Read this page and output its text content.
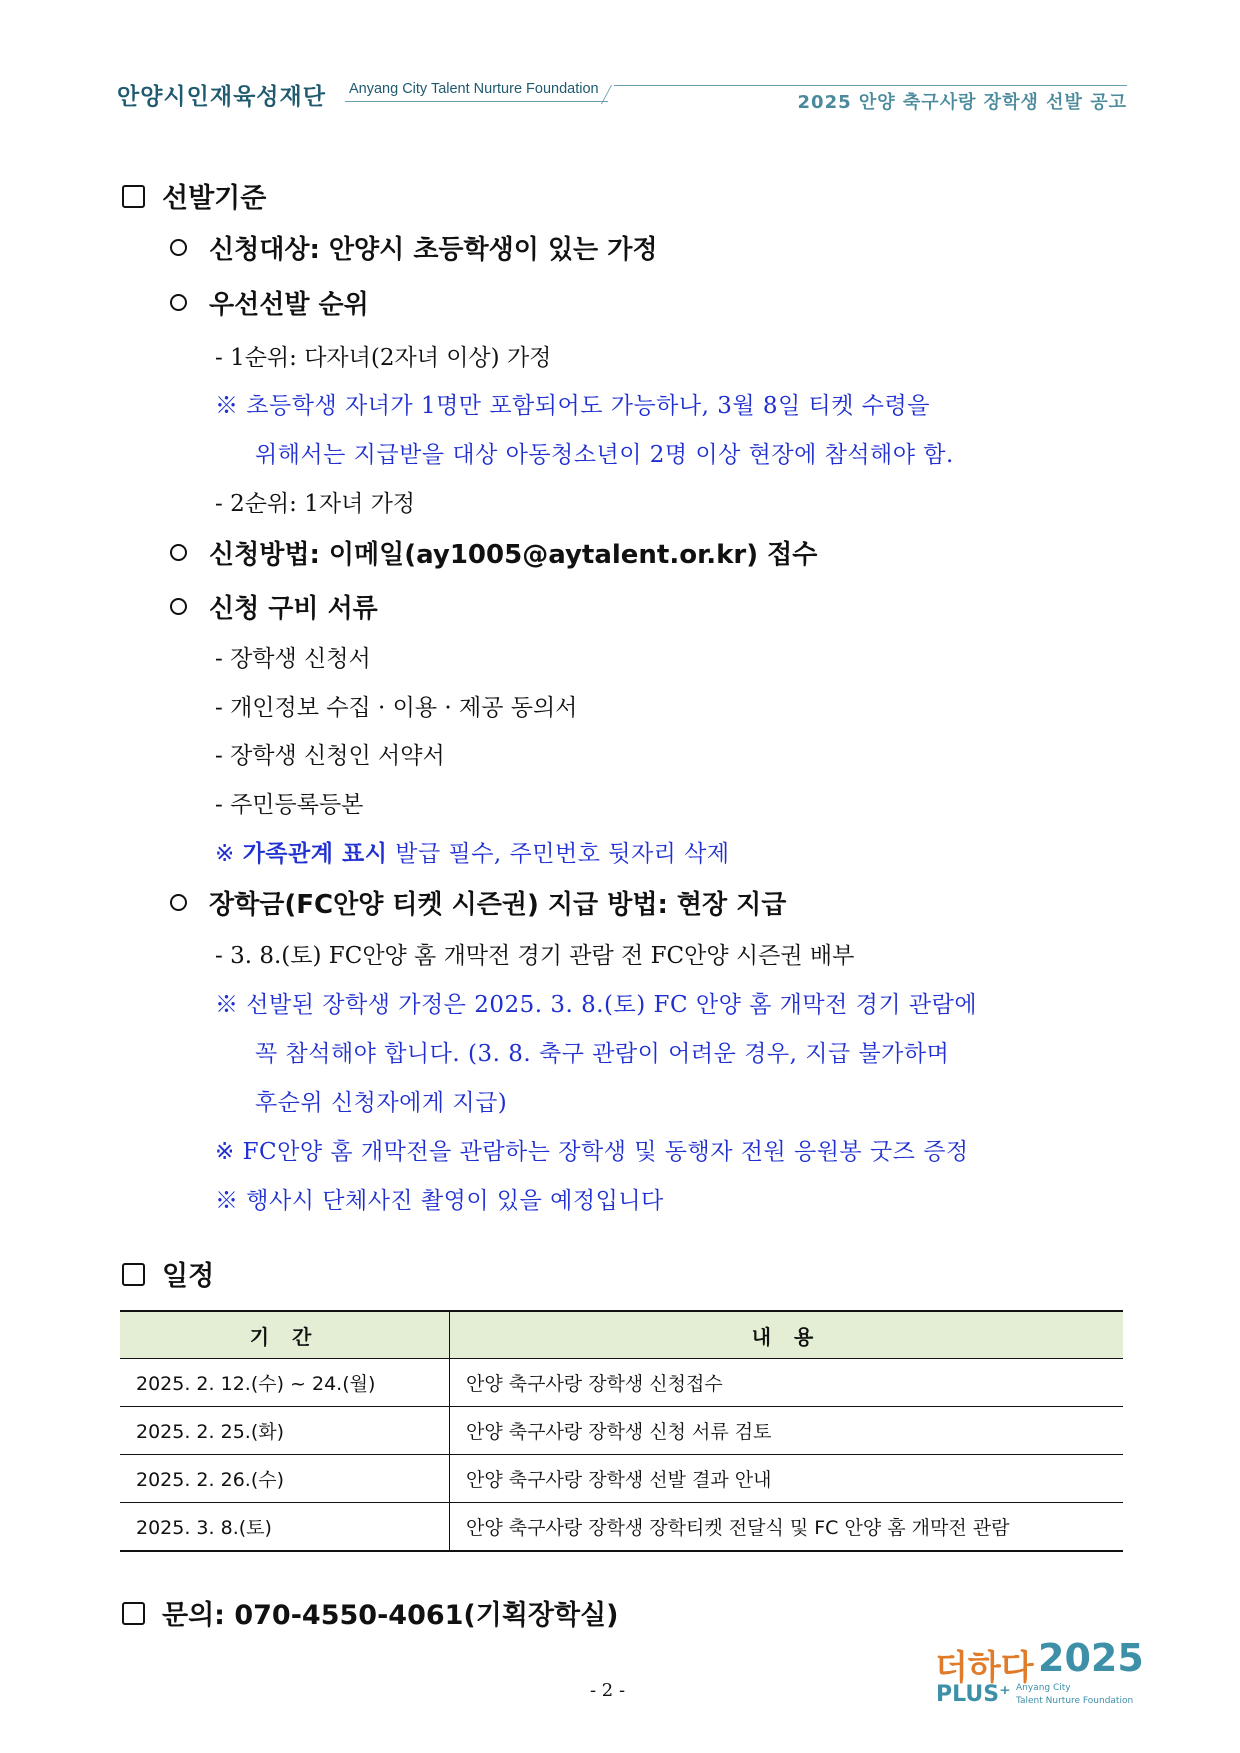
안양시인재육성재단 Anyang City Talent Nurture Foundation
2025 안양 축구사랑 장학생 선발 공고
선발기준
신청대상: 안양시 초등학생이 있는 가정
우선선발 순위
- 1순위: 다자녀(2자녀 이상) 가정
※ 초등학생 자녀가 1명만 포함되어도 가능하나, 3월 8일 티켓 수령을
위해서는 지급받을 대상 아동청소년이 2명 이상 현장에 참석해야 함.
- 2순위: 1자녀 가정
신청방법: 이메일(ay1005@aytalent.or.kr) 접수
신청 구비 서류
- 장학생 신청서
- 개인정보 수집 · 이용 · 제공 동의서
- 장학생 신청인 서약서
- 주민등록등본
※ 가족관계 표시 발급 필수, 주민번호 뒷자리 삭제
장학금(FC안양 티켓 시즌권) 지급 방법: 현장 지급
- 3. 8.(토) FC안양 홈 개막전 경기 관람 전 FC안양 시즌권 배부
※ 선발된 장학생 가정은 2025. 3. 8.(토) FC 안양 홈 개막전 경기 관람에
꼭 참석해야 합니다. (3. 8. 축구 관람이 어려운 경우, 지급 불가하며
후순위 신청자에게 지급)
※ FC안양 홈 개막전을 관람하는 장학생 및 동행자 전원 응원봉 굿즈 증정
※ 행사시 단체사진 촬영이 있을 예정입니다
일정
기 간	내 용
2025. 2. 12.(수) ~ 24.(월)	안양 축구사랑 장학생 신청접수
2025. 2. 25.(화)	안양 축구사랑 장학생 신청 서류 검토
2025. 2. 26.(수)	안양 축구사랑 장학생 선발 결과 안내
2025. 3. 8.(토)	안양 축구사랑 장학생 장학티켓 전달식 및 FC 안양 홈 개막전 관람
문의: 070-4550-4061(기획장학실)
- 2 -
더하다 2025
PLUS⁺ Anyang City
Talent Nurture Foundation
